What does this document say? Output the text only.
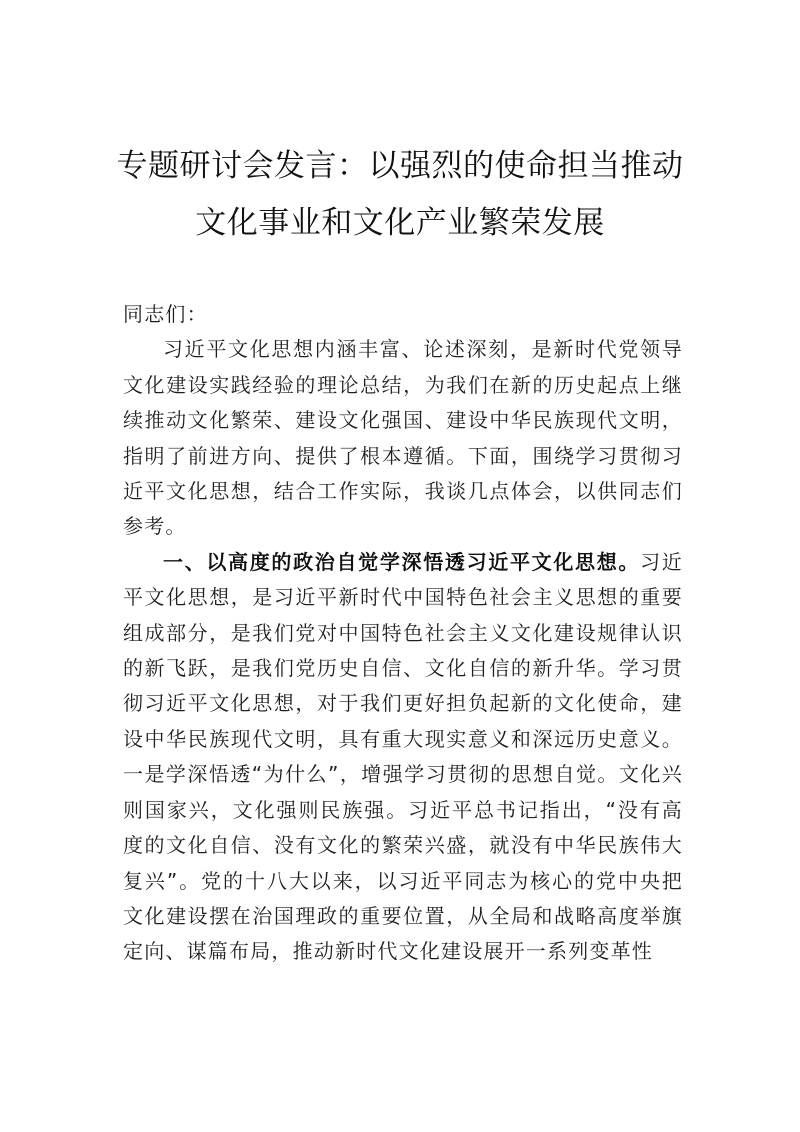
专题研讨会发言：以强烈的使命担当推动文化事业和文化产业繁荣发展

同志们：

习近平文化思想内涵丰富、论述深刻，是新时代党领导文化建设实践经验的理论总结，为我们在新的历史起点上继续推动文化繁荣、建设文化强国、建设中华民族现代文明，指明了前进方向、提供了根本遵循。下面，围绕学习贯彻习近平文化思想，结合工作实际，我谈几点体会，以供同志们参考。

一、以高度的政治自觉学深悟透习近平文化思想。习近平文化思想，是习近平新时代中国特色社会主义思想的重要组成部分，是我们党对中国特色社会主义文化建设规律认识的新飞跃，是我们党历史自信、文化自信的新升华。学习贯彻习近平文化思想，对于我们更好担负起新的文化使命，建设中华民族现代文明，具有重大现实意义和深远历史意义。一是学深悟透“为什么”，增强学习贯彻的思想自觉。文化兴则国家兴，文化强则民族强。习近平总书记指出，“没有高度的文化自信、没有文化的繁荣兴盛，就没有中华民族伟大复兴”。党的十八大以来，以习近平同志为核心的党中央把文化建设摆在治国理政的重要位置，从全局和战略高度举旗定向、谋篇布局，推动新时代文化建设展开一系列变革性
